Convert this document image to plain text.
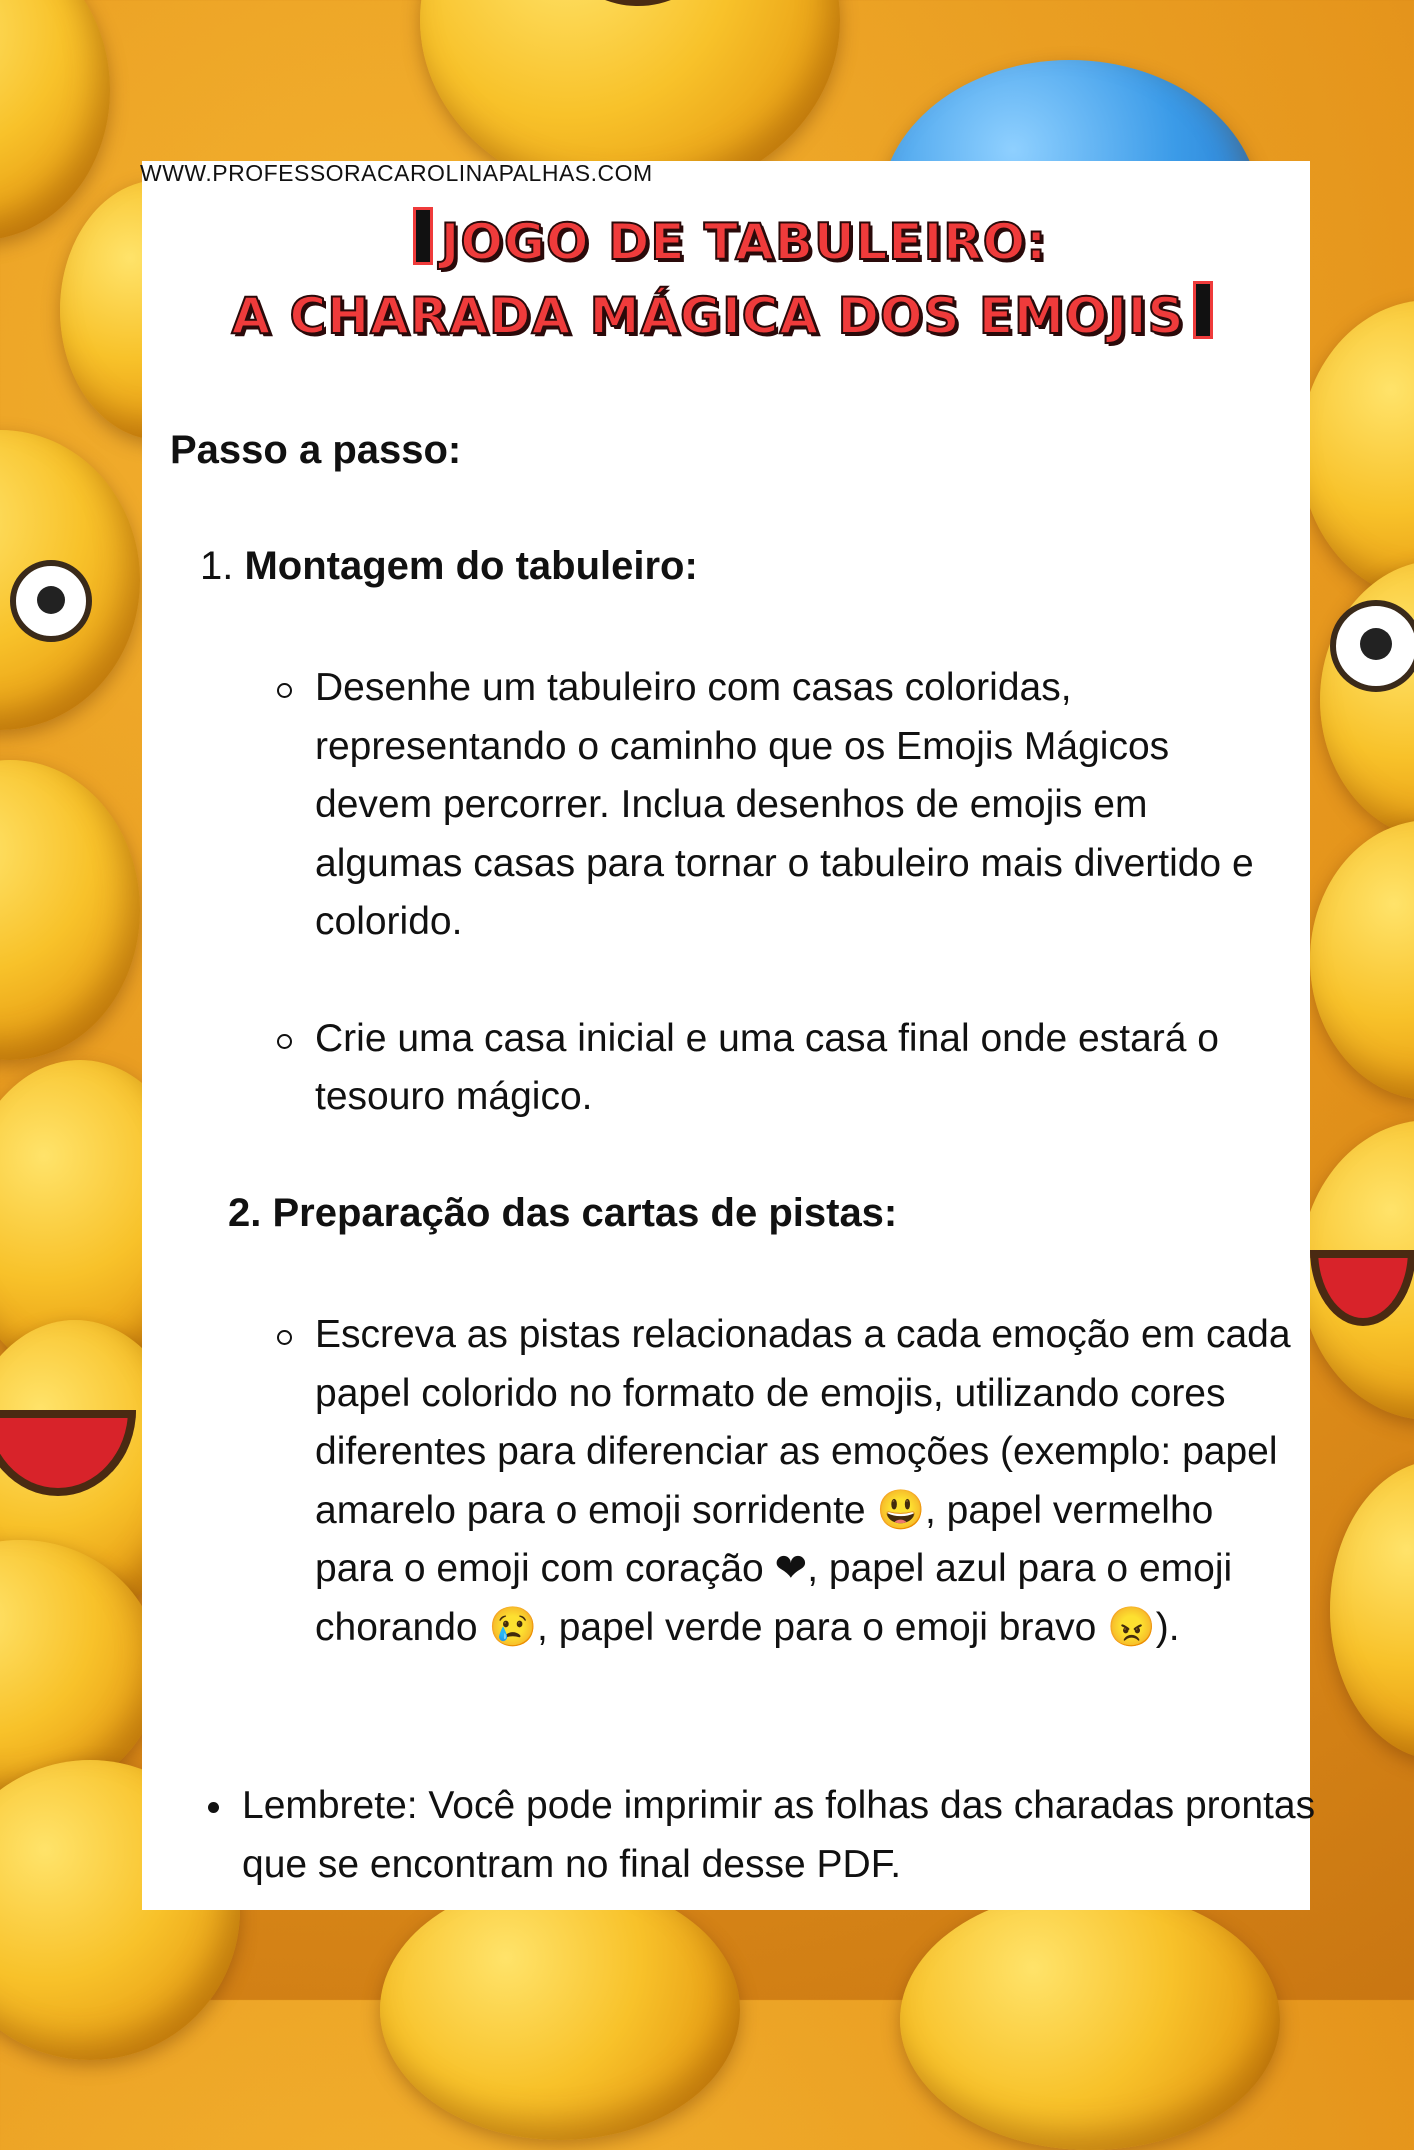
WWW.PROFESSORACAROLINAPALHAS.COM
JOGO DE TABULEIRO:
A CHARADA MÁGICA DOS EMOJIS
Passo a passo:
1. Montagem do tabuleiro:
Desenhe um tabuleiro com casas coloridas, representando o caminho que os Emojis Mágicos devem percorrer. Inclua desenhos de emojis em algumas casas para tornar o tabuleiro mais divertido e colorido.
Crie uma casa inicial e uma casa final onde estará o tesouro mágico.
2. Preparação das cartas de pistas:
Escreva as pistas relacionadas a cada emoção em cada papel colorido no formato de emojis, utilizando cores diferentes para diferenciar as emoções (exemplo: papel amarelo para o emoji sorridente 😃, papel vermelho para o emoji com coração ❤, papel azul para o emoji chorando 😢, papel verde para o emoji bravo 😠).
Lembrete: Você pode imprimir as folhas das charadas prontas que se encontram no final desse PDF.
